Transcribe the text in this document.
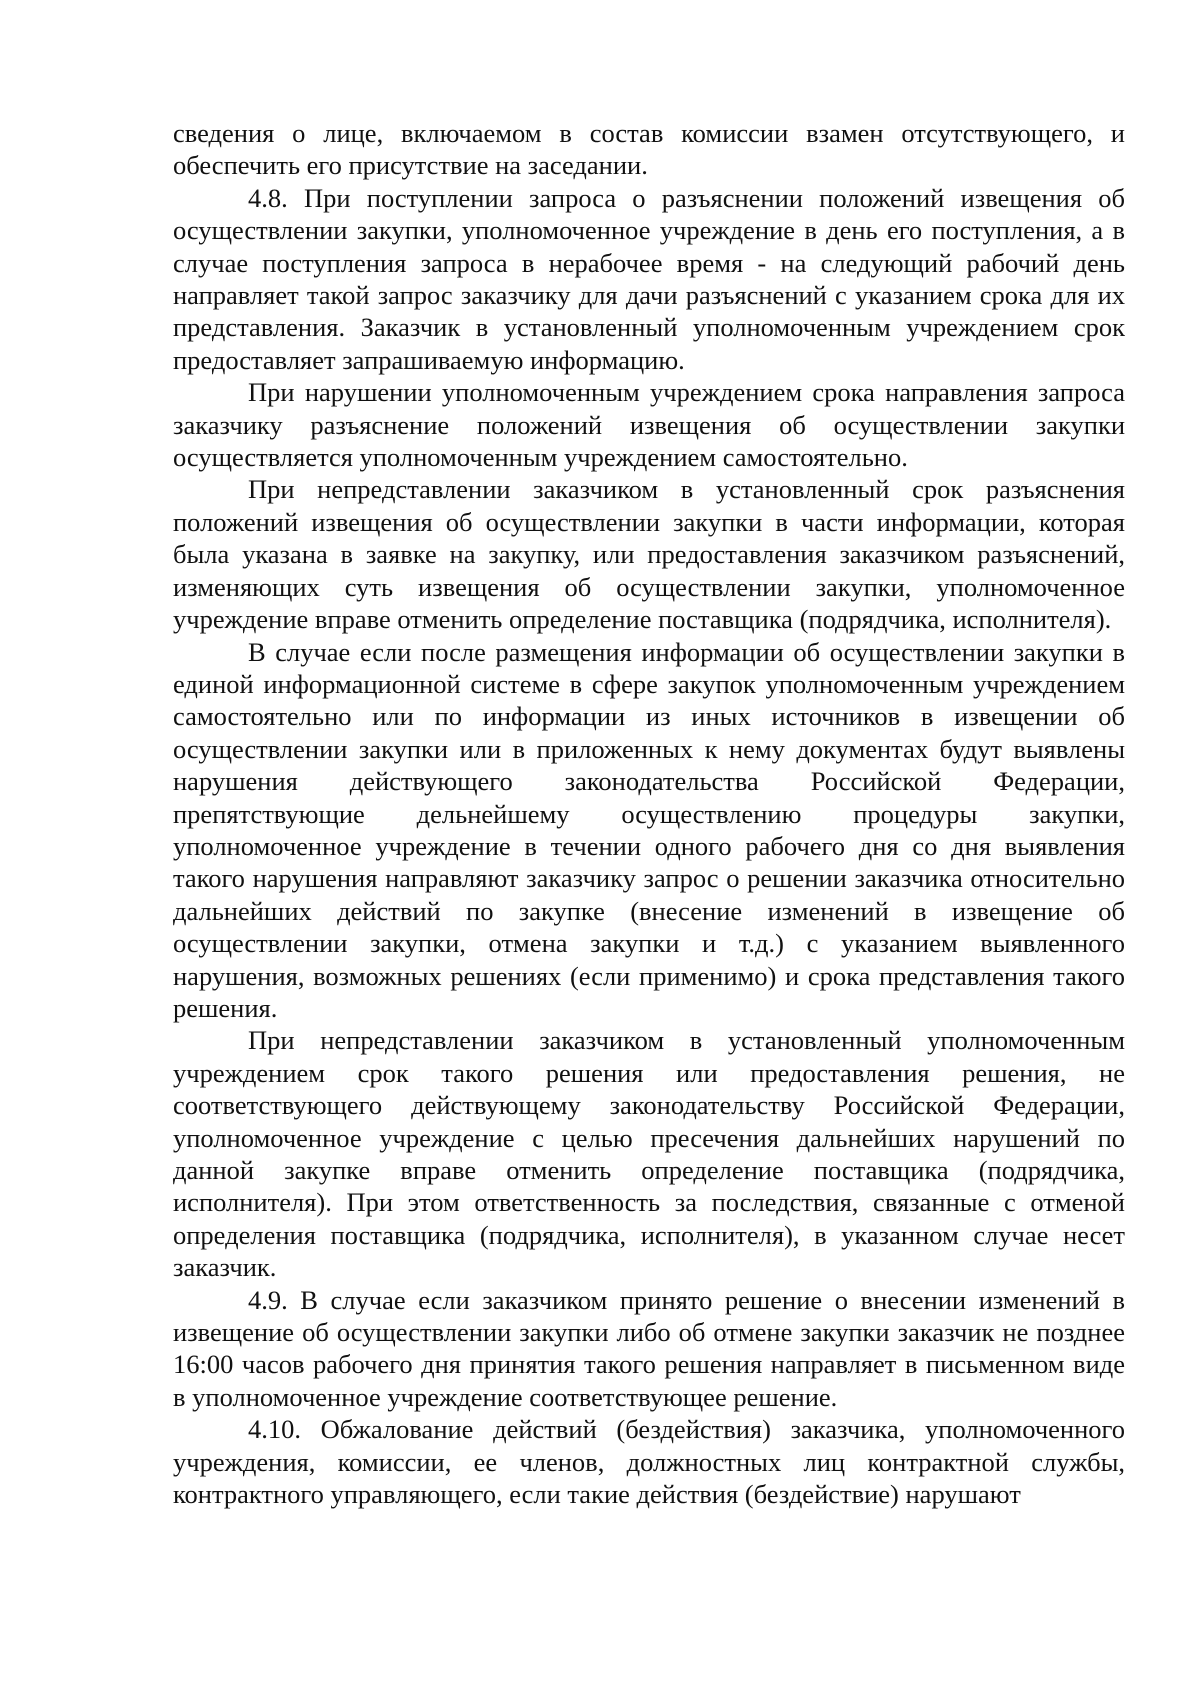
сведения о лице, включаемом в состав комиссии взамен отсутствующего, и обеспечить его присутствие на заседании.

4.8. При поступлении запроса о разъяснении положений извещения об осуществлении закупки, уполномоченное учреждение в день его поступления, а в случае поступления запроса в нерабочее время - на следующий рабочий день направляет такой запрос заказчику для дачи разъяснений с указанием срока для их представления. Заказчик в установленный уполномоченным учреждением срок предоставляет запрашиваемую информацию.

При нарушении уполномоченным учреждением срока направления запроса заказчику разъяснение положений извещения об осуществлении закупки осуществляется уполномоченным учреждением самостоятельно.

При непредставлении заказчиком в установленный срок разъяснения положений извещения об осуществлении закупки в части информации, которая была указана в заявке на закупку, или предоставления заказчиком разъяснений, изменяющих суть извещения об осуществлении закупки, уполномоченное учреждение вправе отменить определение поставщика (подрядчика, исполнителя).

В случае если после размещения информации об осуществлении закупки в единой информационной системе в сфере закупок уполномоченным учреждением самостоятельно или по информации из иных источников в извещении об осуществлении закупки или в приложенных к нему документах будут выявлены нарушения действующего законодательства Российской Федерации, препятствующие дельнейшему осуществлению процедуры закупки, уполномоченное учреждение в течении одного рабочего дня со дня выявления такого нарушения направляют заказчику запрос о решении заказчика относительно дальнейших действий по закупке (внесение изменений в извещение об осуществлении закупки, отмена закупки и т.д.) с указанием выявленного нарушения, возможных решениях (если применимо) и срока представления такого решения.

При непредставлении заказчиком в установленный уполномоченным учреждением срок такого решения или предоставления решения, не соответствующего действующему законодательству Российской Федерации, уполномоченное учреждение с целью пресечения дальнейших нарушений по данной закупке вправе отменить определение поставщика (подрядчика, исполнителя). При этом ответственность за последствия, связанные с отменой определения поставщика (подрядчика, исполнителя), в указанном случае несет заказчик.

4.9. В случае если заказчиком принято решение о внесении изменений в извещение об осуществлении закупки либо об отмене закупки заказчик не позднее 16:00 часов рабочего дня принятия такого решения направляет в письменном виде в уполномоченное учреждение соответствующее решение.

4.10. Обжалование действий (бездействия) заказчика, уполномоченного учреждения, комиссии, ее членов, должностных лиц контрактной службы, контрактного управляющего, если такие действия (бездействие) нарушают
